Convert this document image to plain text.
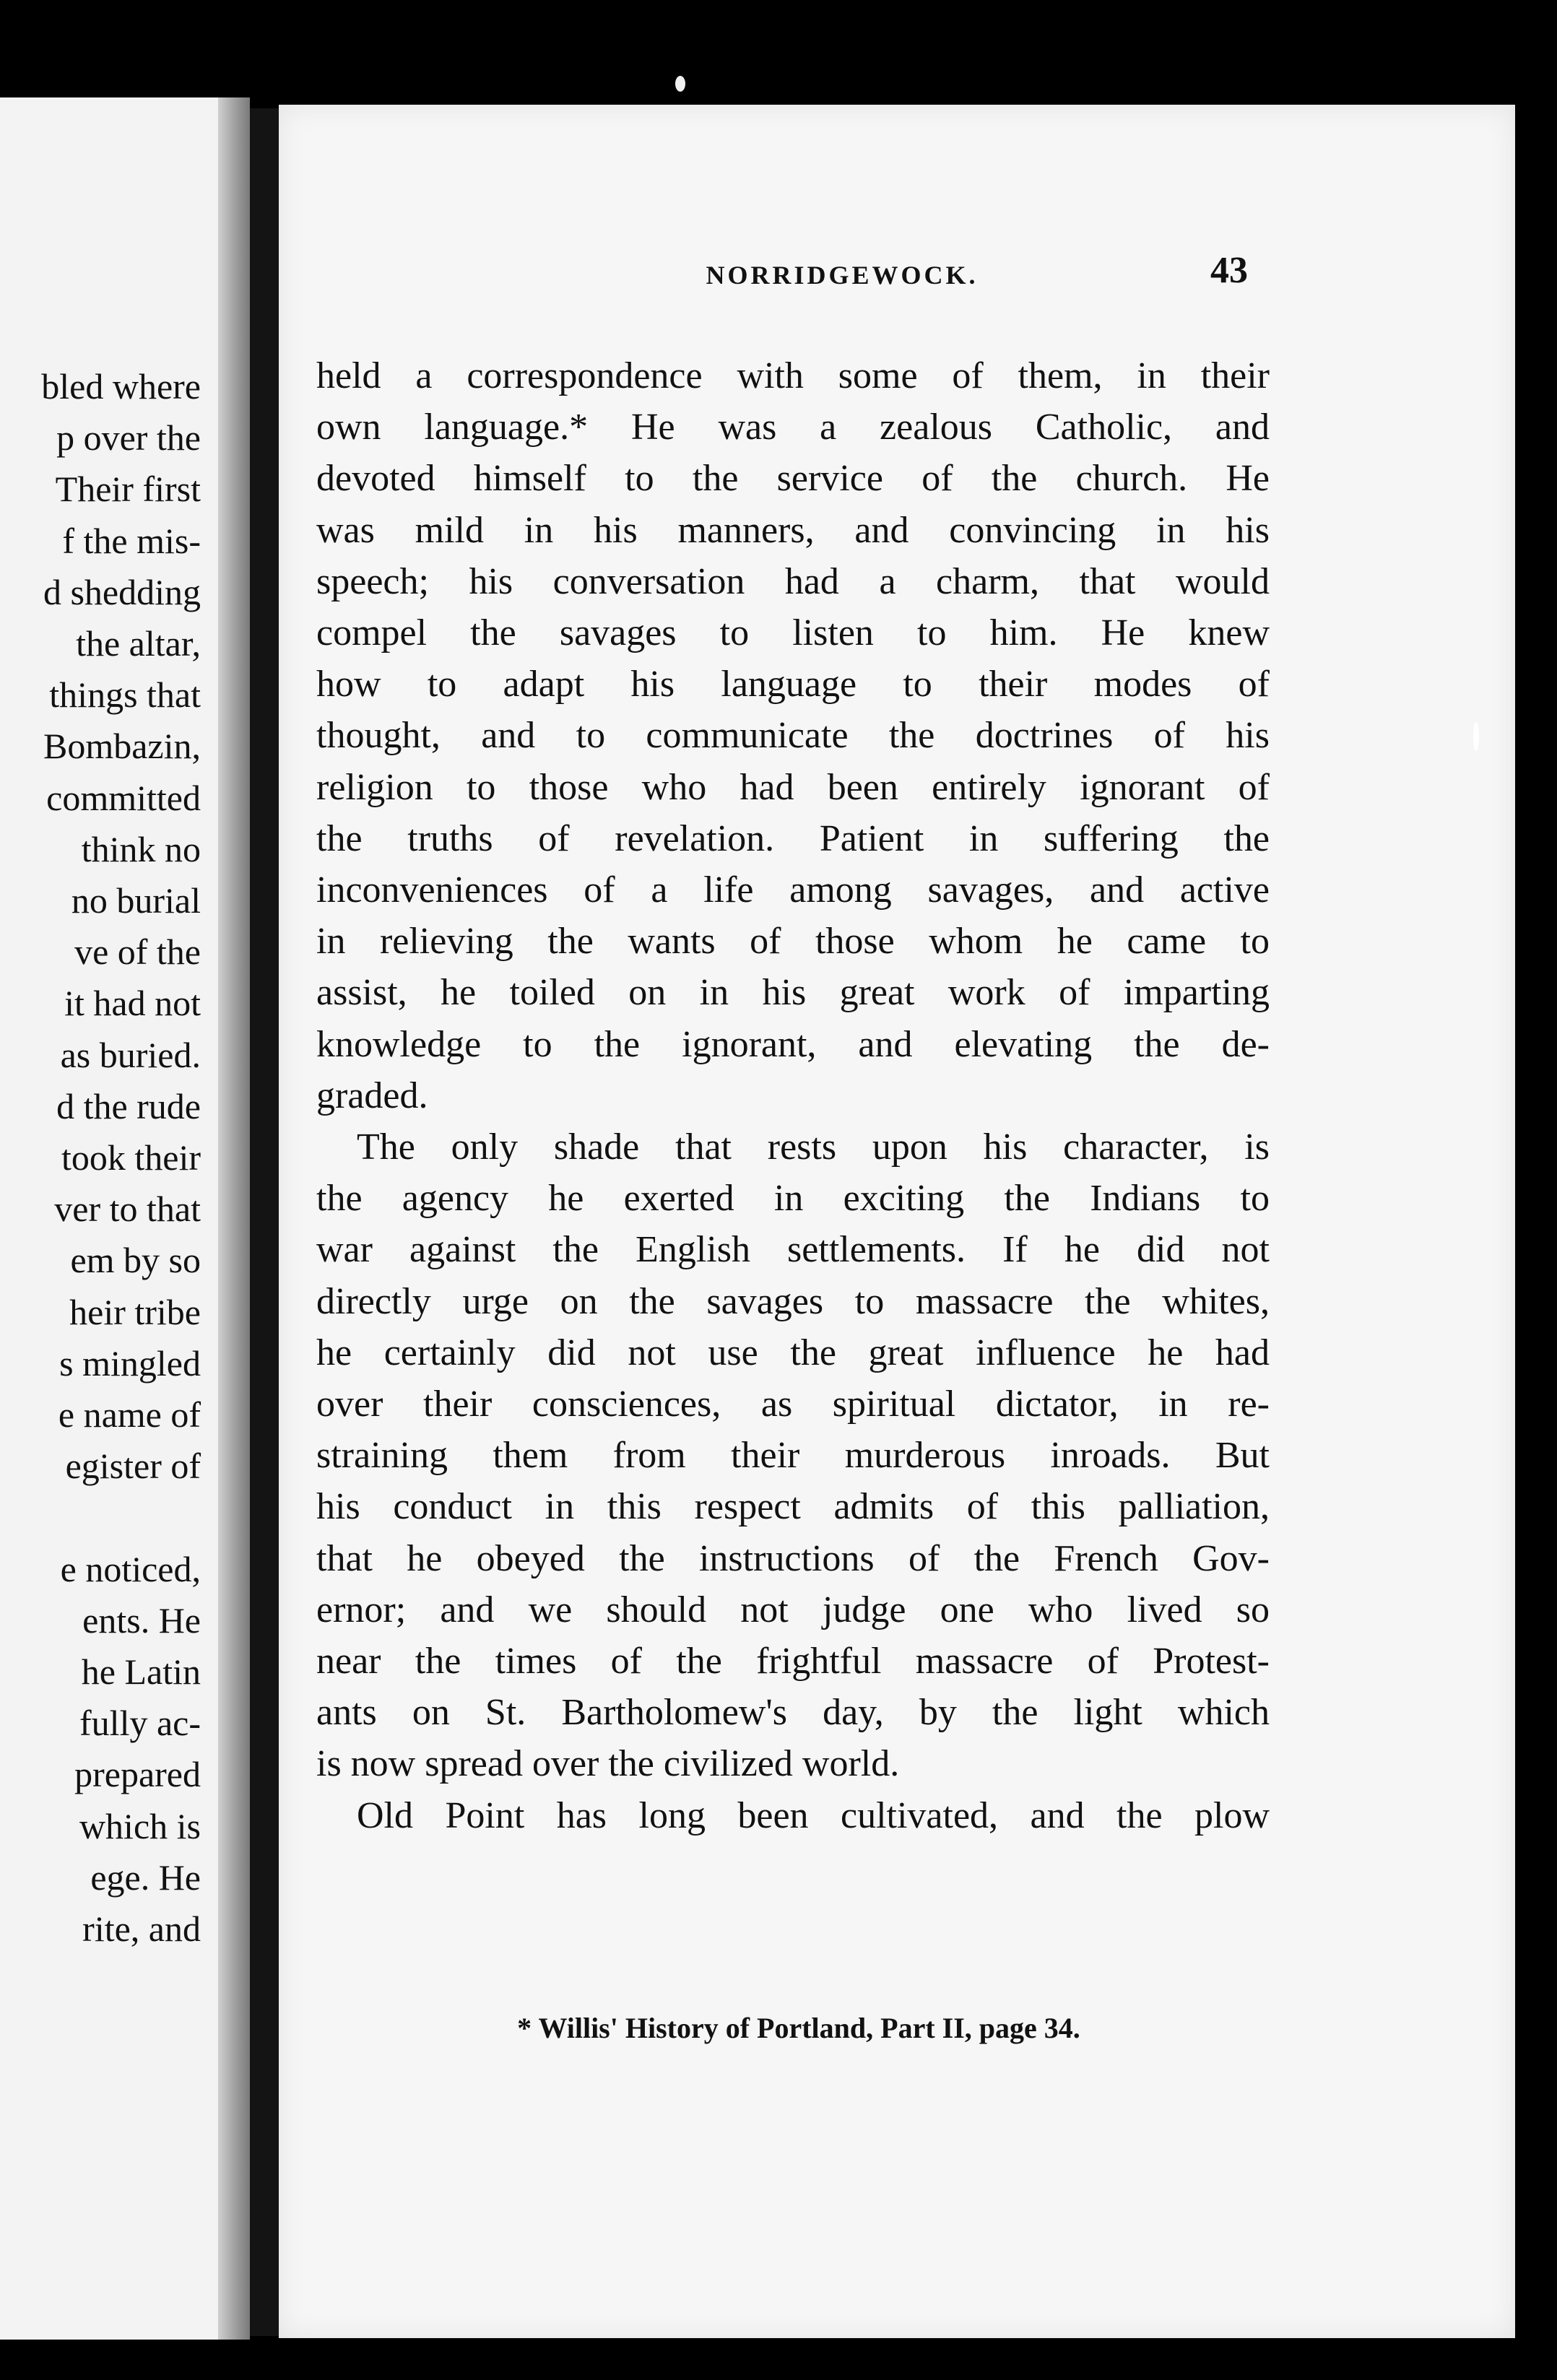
bled where
p over the
Their first
f the mis-
d shedding
the altar,
things that
Bombazin,
committed
think no
no burial
ve of the
it had not
as buried.
d the rude
took their
ver to that
em by so
heir tribe
s mingled
e name of
egister of
e noticed,
ents. He
he Latin
fully ac-
prepared
which is
ege. He
rite, and
NORRIDGEWOCK.	43
held a correspondence with some of them, in their
own language.* He was a zealous Catholic, and
devoted himself to the service of the church. He
was mild in his manners, and convincing in his
speech; his conversation had a charm, that would
compel the savages to listen to him. He knew
how to adapt his language to their modes of
thought, and to communicate the doctrines of his
religion to those who had been entirely ignorant of
the truths of revelation. Patient in suffering the
inconveniences of a life among savages, and active
in relieving the wants of those whom he came to
assist, he toiled on in his great work of imparting
knowledge to the ignorant, and elevating the de-
graded.
The only shade that rests upon his character, is
the agency he exerted in exciting the Indians to
war against the English settlements. If he did not
directly urge on the savages to massacre the whites,
he certainly did not use the great influence he had
over their consciences, as spiritual dictator, in re-
straining them from their murderous inroads. But
his conduct in this respect admits of this palliation,
that he obeyed the instructions of the French Gov-
ernor; and we should not judge one who lived so
near the times of the frightful massacre of Protest-
ants on St. Bartholomew's day, by the light which
is now spread over the civilized world.
Old Point has long been cultivated, and the plow
* Willis' History of Portland, Part II, page 34.
